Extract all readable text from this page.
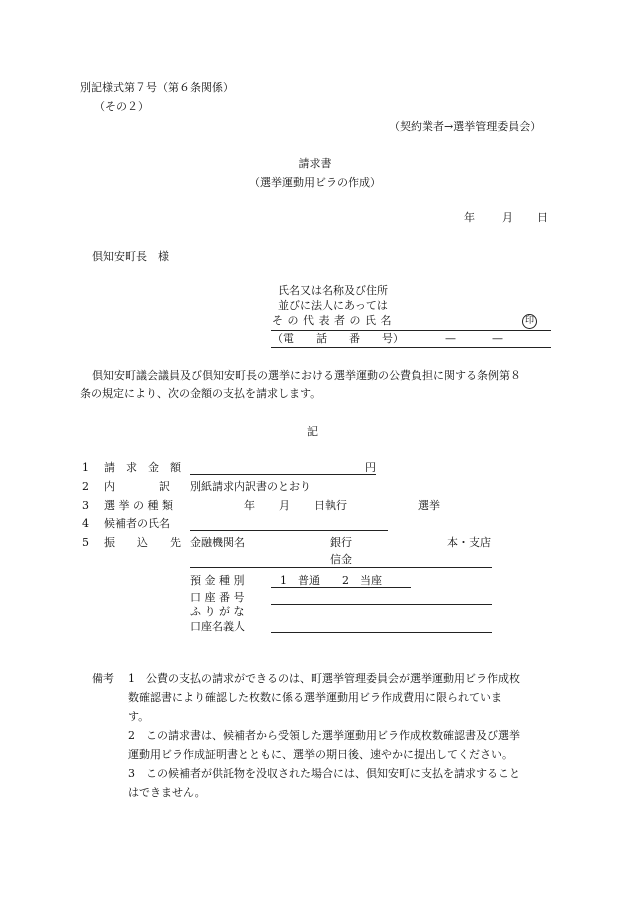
別記様式第７号（第６条関係）
（その２）
（契約業者→選挙管理委員会）
請求書
（選挙運動用ビラの作成）
年 月 日
倶知安町長　様
氏名又は名称及び住所
並びに法人にあっては
そ の 代 表 者 の 氏 名	印
（電　　話　　番　　号）	—	—
倶知安町議会議員及び倶知安町長の選挙における選挙運動の公費負担に関する条例第８
条の規定により、次の金額の支払を請求します。
記
1 請　求　金　額	円
2 内　　　　訳 別紙請求内訳書のとおり
3 選 挙 の 種 類	年 月 日執行	選挙
4 候補者の氏名
5 振　　込　　先 金融機関名	銀行	本・支店
信金
預 金 種 別	1　普通　　2　当座
口 座 番 号
ふ り が な
口座名義人
備考 1 公費の支払の請求ができるのは、町選挙管理委員会が選挙運動用ビラ作成枚
数確認書により確認した枚数に係る選挙運動用ビラ作成費用に限られていま
す。
2 この請求書は、候補者から受領した選挙運動用ビラ作成枚数確認書及び選挙
運動用ビラ作成証明書とともに、選挙の期日後、速やかに提出してください。
3 この候補者が供託物を没収された場合には、倶知安町に支払を請求すること
はできません。
